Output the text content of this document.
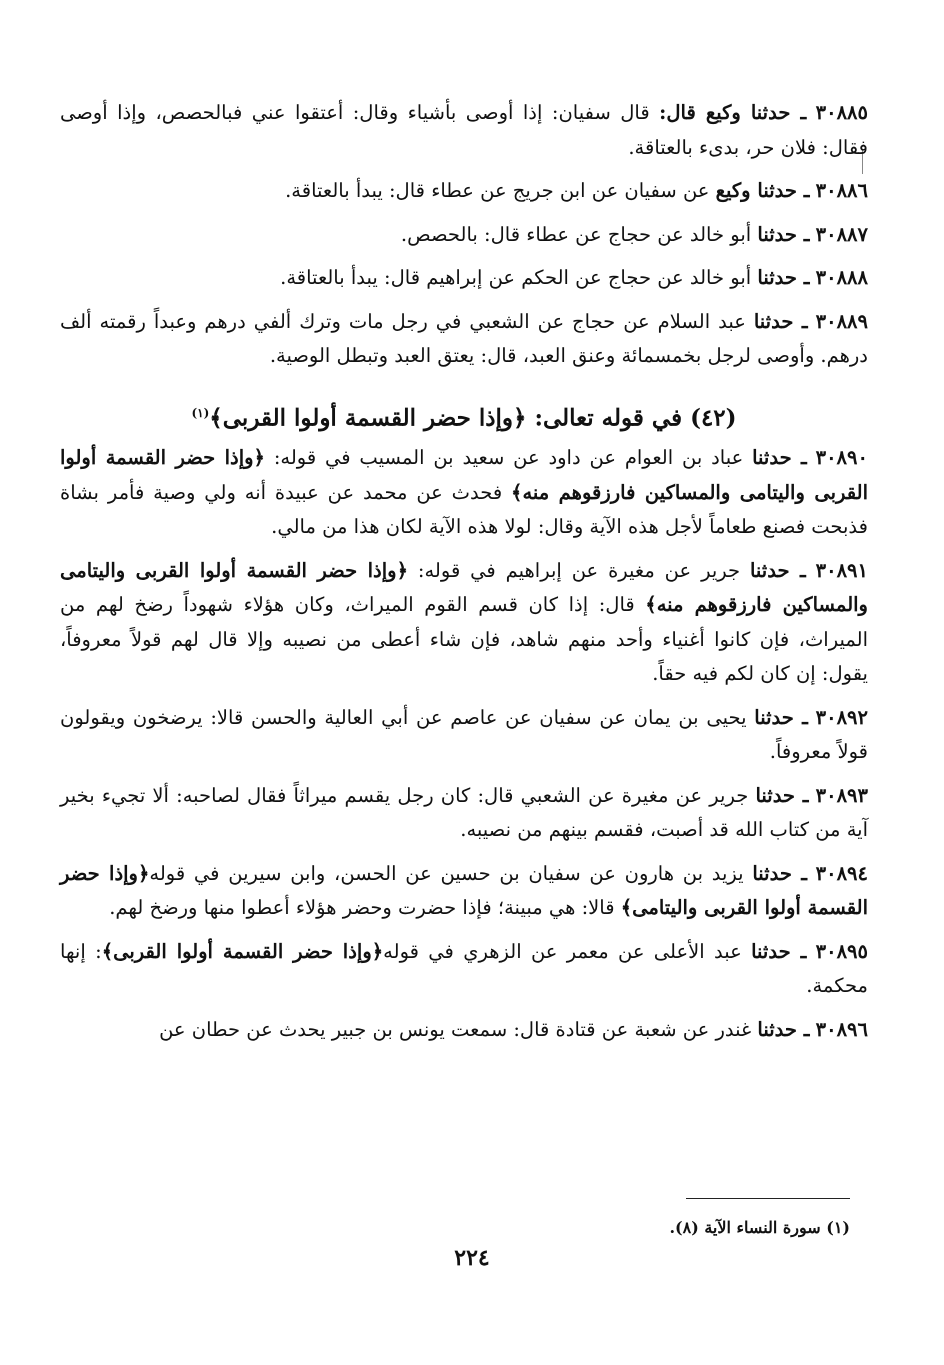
٣٠٨٨٥ ـ حدثنا وكيع قال: قال سفيان: إذا أوصى بأشياء وقال: أعتقوا عني فبالحصص، وإذا أوصى فقال: فلان حر، بدىء بالعتاقة.

٣٠٨٨٦ ـ حدثنا وكيع عن سفيان عن ابن جريج عن عطاء قال: يبدأ بالعتاقة.

٣٠٨٨٧ ـ حدثنا أبو خالد عن حجاج عن عطاء قال: بالحصص.

٣٠٨٨٨ ـ حدثنا أبو خالد عن حجاج عن الحكم عن إبراهيم قال: يبدأ بالعتاقة.

٣٠٨٨٩ ـ حدثنا عبد السلام عن حجاج عن الشعبي في رجل مات وترك ألفي درهم وعبداً رقمته ألف درهم. وأوصى لرجل بخمسمائة وعنق العبد، قال: يعتق العبد وتبطل الوصية.

(٤٢) في قوله تعالى: ﴿وإذا حضر القسمة أولوا القربى﴾$^{(١)}$

٣٠٨٩٠ ـ حدثنا عباد بن العوام عن داود عن سعيد بن المسيب في قوله: ﴿وإذا حضر القسمة أولوا القربى واليتامى والمساكين فارزقوهم منه﴾ فحدث عن محمد عن عبيدة أنه ولي وصية فأمر بشاة فذبحت فصنع طعاماً لأجل هذه الآية وقال: لولا هذه الآية لكان هذا من مالي.

٣٠٨٩١ ـ حدثنا جرير عن مغيرة عن إبراهيم في قوله: ﴿وإذا حضر القسمة أولوا القربى واليتامى والمساكين فارزقوهم منه﴾ قال: إذا كان قسم القوم الميراث، وكان هؤلاء شهوداً رضخ لهم من الميراث، فإن كانوا أغنياء وأحد منهم شاهد، فإن شاء أعطى من نصيبه وإلا قال لهم قولاً معروفاً، يقول: إن كان لكم فيه حقاً.

٣٠٨٩٢ ـ حدثنا يحيى بن يمان عن سفيان عن عاصم عن أبي العالية والحسن قالا: يرضخون ويقولون قولاً معروفاً.

٣٠٨٩٣ ـ حدثنا جرير عن مغيرة عن الشعبي قال: كان رجل يقسم ميراثاً فقال لصاحبه: ألا تجيء بخير آية من كتاب الله قد أصبت، فقسم بينهم من نصيبه.

٣٠٨٩٤ ـ حدثنا يزيد بن هارون عن سفيان بن حسين عن الحسن، وابن سيرين في قوله﴿وإذا حضر القسمة أولوا القربى واليتامى﴾ قالا: هي مبينة؛ فإذا حضرت وحضر هؤلاء أعطوا منها ورضخ لهم.

٣٠٨٩٥ ـ حدثنا عبد الأعلى عن معمر عن الزهري في قوله﴿وإذا حضر القسمة أولوا القربى﴾: إنها محكمة.

٣٠٨٩٦ ـ حدثنا غندر عن شعبة عن قتادة قال: سمعت يونس بن جبير يحدث عن حطان عن

(١) سورة النساء الآية (٨).
٢٢٤
